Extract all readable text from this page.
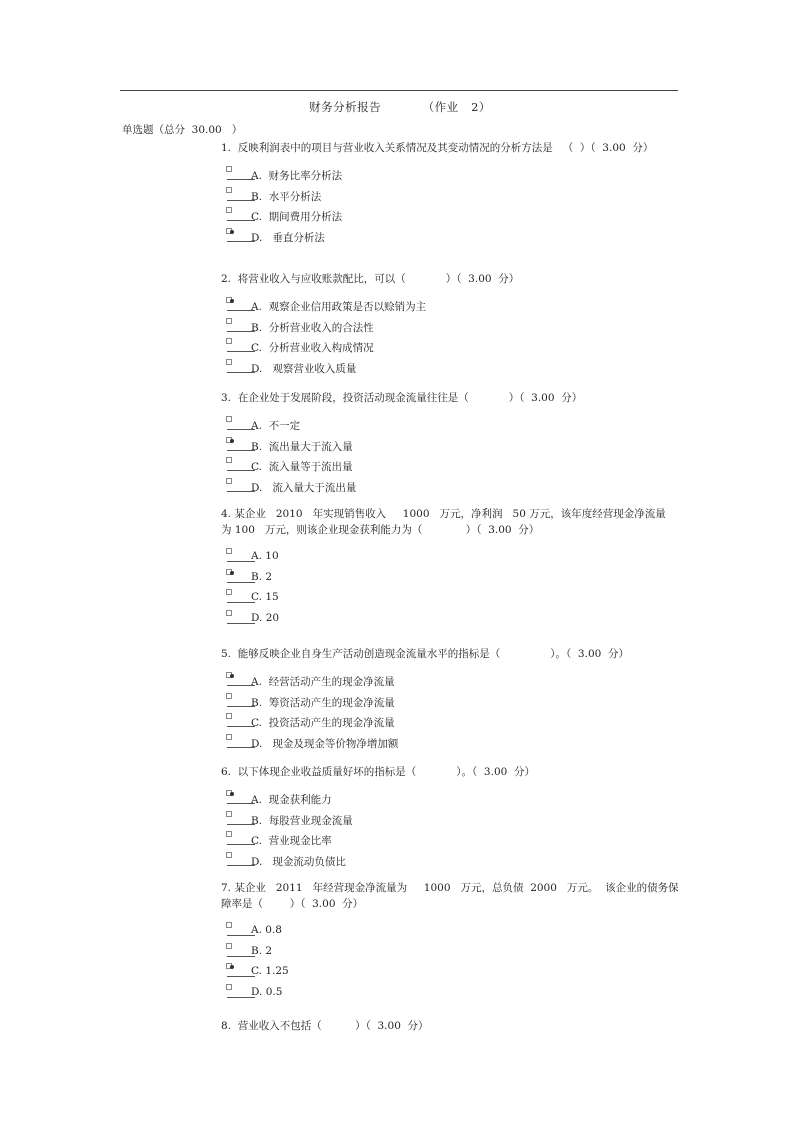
财务分析报告          （作业   2）
单选题（总分  30.00   ）
1.  反映利润表中的项目与营业收入关系情况及其变动情况的分析方法是   （  ）（  3.00  分）
A.  财务比率分析法
B.  水平分析法
C.  期间费用分析法
D.   垂直分析法
2.  将营业收入与应收账款配比，可以（            ）（  3.00  分）
A.  观察企业信用政策是否以赊销为主
B.  分析营业收入的合法性
C.  分析营业收入构成情况
D.   观察营业收入质量
3.  在企业处于发展阶段，投资活动现金流量往往是（            ）（  3.00  分）
A.  不一定
B.  流出量大于流入量
C.  流入量等于流出量
D.   流入量大于流出量
4. 某企业   2010   年实现销售收入     1000   万元，净利润   50 万元，该年度经营现金净流量
为 100   万元，则该企业现金获利能力为（             ）（  3.00  分）
A. 10
B. 2
C. 15
D. 20
5.  能够反映企业自身生产活动创造现金流量水平的指标是（               ）。（  3.00  分）
A.  经营活动产生的现金净流量
B.  筹资活动产生的现金净流量
C.  投资活动产生的现金净流量
D.   现金及现金等价物净增加额
6.  以下体现企业收益质量好坏的指标是（            ）。（  3.00  分）
A.  现金获利能力
B.  每股营业现金流量
C.  营业现金比率
D.   现金流动负债比
7. 某企业   2011   年经营现金净流量为     1000   万元，总负债  2000   万元。  该企业的债务保
障率是（        ）（  3.00  分）
A. 0.8
B. 2
C. 1.25
D. 0.5
8.  营业收入不包括（          ）（  3.00  分）
